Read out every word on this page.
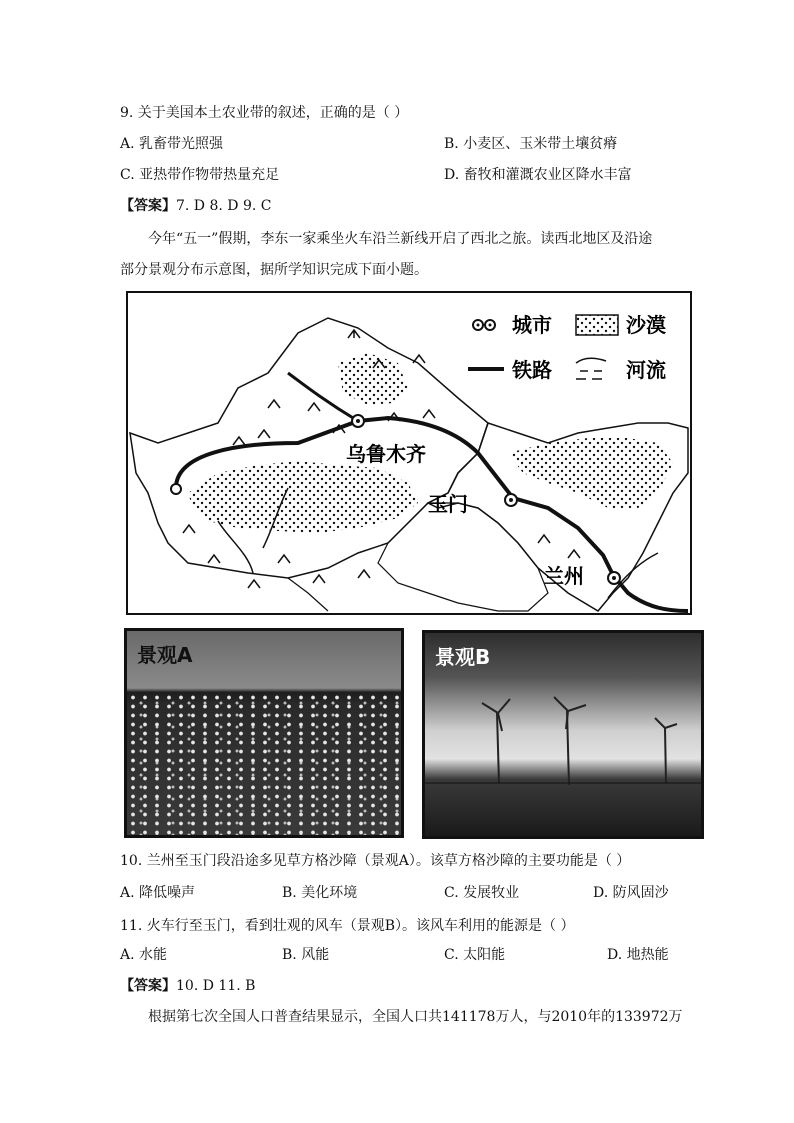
9. 关于美国本土农业带的叙述，正确的是（ ）
A. 乳畜带光照强	B. 小麦区、玉米带土壤贫瘠
C. 亚热带作物带热量充足	D. 畜牧和灌溉农业区降水丰富
【答案】7. D 8. D 9. C
今年“五一”假期，李东一家乘坐火车沿兰新线开启了西北之旅。读西北地区及沿途
部分景观分布示意图，据所学知识完成下面小题。
城市	沙漠
铁路	河流
乌鲁木齐
玉门
兰州
景观A	景观B
10. 兰州至玉门段沿途多见草方格沙障（景观A）。该草方格沙障的主要功能是（ ）
A. 降低噪声	B. 美化环境	C. 发展牧业	D. 防风固沙
11. 火车行至玉门，看到壮观的风车（景观B）。该风车利用的能源是（ ）
A. 水能	B. 风能	C. 太阳能	D. 地热能
【答案】10. D 11. B
根据第七次全国人口普查结果显示，全国人口共141178万人，与2010年的133972万
